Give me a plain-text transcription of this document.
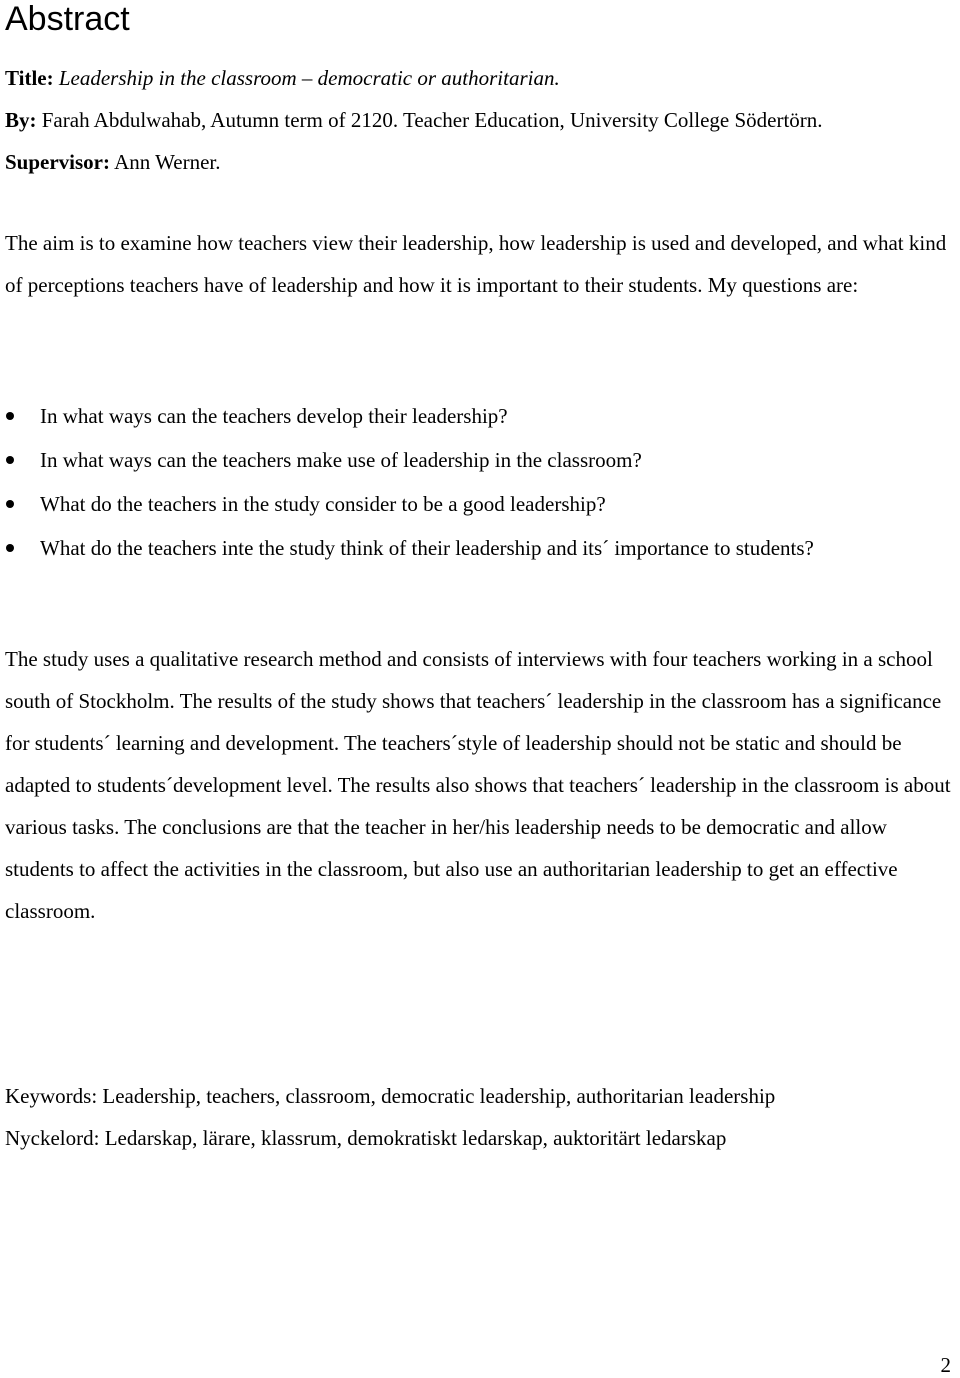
Abstract
Title: Leadership in the classroom – democratic or authoritarian.
By: Farah Abdulwahab, Autumn term of 2120. Teacher Education, University College Södertörn.
Supervisor: Ann Werner.

The aim is to examine how teachers view their leadership, how leadership is used and developed, and what kind of perceptions teachers have of leadership and how it is important to their students. My questions are:

In what ways can the teachers develop their leadership?
In what ways can the teachers make use of leadership in the classroom?
What do the teachers in the study consider to be a good leadership?
What do the teachers inte the study think of their leadership and its´ importance to students?

The study uses a qualitative research method and consists of interviews with four teachers working in a school south of Stockholm. The results of the study shows that teachers´ leadership in the classroom has a significance for students´ learning and development. The teachers´style of leadership should not be static and should be adapted to students´development level. The results also shows that teachers´ leadership in the classroom is about various tasks. The conclusions are that the teacher in her/his leadership needs to be democratic and allow students to affect the activities in the classroom, but also use an authoritarian leadership to get an effective classroom.

Keywords: Leadership, teachers, classroom, democratic leadership, authoritarian leadership
Nyckelord: Ledarskap, lärare, klassrum, demokratiskt ledarskap, auktoritärt ledarskap
2
